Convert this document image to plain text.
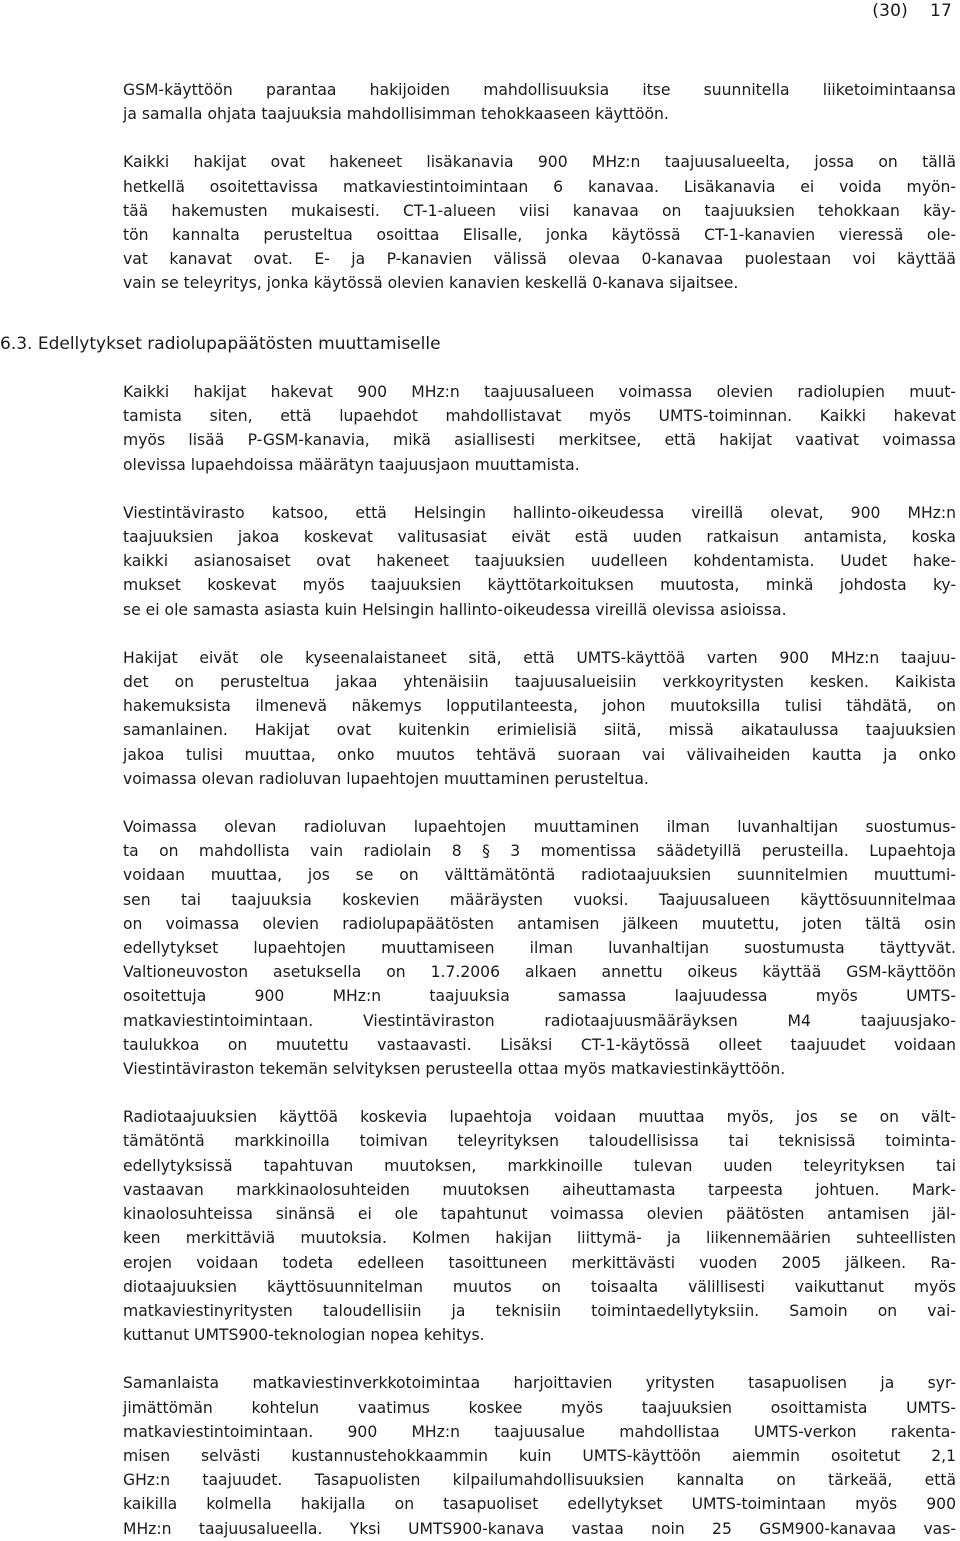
(30) 17

GSM-käyttöön parantaa hakijoiden mahdollisuuksia itse suunnitella liiketoimintaansa
ja samalla ohjata taajuuksia mahdollisimman tehokkaaseen käyttöön.

Kaikki hakijat ovat hakeneet lisäkanavia 900 MHz:n taajuusalueelta, jossa on tällä
hetkellä osoitettavissa matkaviestintoimintaan 6 kanavaa. Lisäkanavia ei voida myön-
tää hakemusten mukaisesti. CT-1-alueen viisi kanavaa on taajuuksien tehokkaan käy-
tön kannalta perusteltua osoittaa Elisalle, jonka käytössä CT-1-kanavien vieressä ole-
vat kanavat ovat. E- ja P-kanavien välissä olevaa 0-kanavaa puolestaan voi käyttää
vain se teleyritys, jonka käytössä olevien kanavien keskellä 0-kanava sijaitsee.

6.3. Edellytykset radiolupapäätösten muuttamiselle

Kaikki hakijat hakevat 900 MHz:n taajuusalueen voimassa olevien radiolupien muut-
tamista siten, että lupaehdot mahdollistavat myös UMTS-toiminnan. Kaikki hakevat
myös lisää P-GSM-kanavia, mikä asiallisesti merkitsee, että hakijat vaativat voimassa
olevissa lupaehdoissa määrätyn taajuusjaon muuttamista.

Viestintävirasto katsoo, että Helsingin hallinto-oikeudessa vireillä olevat, 900 MHz:n
taajuuksien jakoa koskevat valitusasiat eivät estä uuden ratkaisun antamista, koska
kaikki asianosaiset ovat hakeneet taajuuksien uudelleen kohdentamista. Uudet hake-
mukset koskevat myös taajuuksien käyttötarkoituksen muutosta, minkä johdosta ky-
se ei ole samasta asiasta kuin Helsingin hallinto-oikeudessa vireillä olevissa asioissa.

Hakijat eivät ole kyseenalaistaneet sitä, että UMTS-käyttöä varten 900 MHz:n taajuu-
det on perusteltua jakaa yhtenäisiin taajuusalueisiin verkkoyritysten kesken. Kaikista
hakemuksista ilmenevä näkemys lopputilanteesta, johon muutoksilla tulisi tähdätä, on
samanlainen. Hakijat ovat kuitenkin erimielisiä siitä, missä aikataulussa taajuuksien
jakoa tulisi muuttaa, onko muutos tehtävä suoraan vai välivaiheiden kautta ja onko
voimassa olevan radioluvan lupaehtojen muuttaminen perusteltua.

Voimassa olevan radioluvan lupaehtojen muuttaminen ilman luvanhaltijan suostumus-
ta on mahdollista vain radiolain 8 § 3 momentissa säädetyillä perusteilla. Lupaehtoja
voidaan muuttaa, jos se on välttämätöntä radiotaajuuksien suunnitelmien muuttumi-
sen tai taajuuksia koskevien määräysten vuoksi. Taajuusalueen käyttösuunnitelmaa
on voimassa olevien radiolupapäätösten antamisen jälkeen muutettu, joten tältä osin
edellytykset lupaehtojen muuttamiseen ilman luvanhaltijan suostumusta täyttyvät.
Valtioneuvoston asetuksella on 1.7.2006 alkaen annettu oikeus käyttää GSM-käyttöön
osoitettuja 900 MHz:n taajuuksia samassa laajuudessa myös UMTS-
matkaviestintoimintaan. Viestintäviraston radiotaajuusmääräyksen M4 taajuusjako-
taulukkoa on muutettu vastaavasti. Lisäksi CT-1-käytössä olleet taajuudet voidaan
Viestintäviraston tekemän selvityksen perusteella ottaa myös matkaviestinkäyttöön.

Radiotaajuuksien käyttöä koskevia lupaehtoja voidaan muuttaa myös, jos se on vält-
tämätöntä markkinoilla toimivan teleyrityksen taloudellisissa tai teknisissä toiminta-
edellytyksissä tapahtuvan muutoksen, markkinoille tulevan uuden teleyrityksen tai
vastaavan markkinaolosuhteiden muutoksen aiheuttamasta tarpeesta johtuen. Mark-
kinaolosuhteissa sinänsä ei ole tapahtunut voimassa olevien päätösten antamisen jäl-
keen merkittäviä muutoksia. Kolmen hakijan liittymä- ja liikennemäärien suhteellisten
erojen voidaan todeta edelleen tasoittuneen merkittävästi vuoden 2005 jälkeen. Ra-
diotaajuuksien käyttösuunnitelman muutos on toisaalta välillisesti vaikuttanut myös
matkaviestinyritysten taloudellisiin ja teknisiin toimintaedellytyksiin. Samoin on vai-
kuttanut UMTS900-teknologian nopea kehitys.

Samanlaista matkaviestinverkkotoimintaa harjoittavien yritysten tasapuolisen ja syr-
jimättömän kohtelun vaatimus koskee myös taajuuksien osoittamista UMTS-
matkaviestintoimintaan. 900 MHz:n taajuusalue mahdollistaa UMTS-verkon rakenta-
misen selvästi kustannustehokkaammin kuin UMTS-käyttöön aiemmin osoitetut 2,1
GHz:n taajuudet. Tasapuolisten kilpailumahdollisuuksien kannalta on tärkeää, että
kaikilla kolmella hakijalla on tasapuoliset edellytykset UMTS-toimintaan myös 900
MHz:n taajuusalueella. Yksi UMTS900-kanava vastaa noin 25 GSM900-kanavaa vas-
